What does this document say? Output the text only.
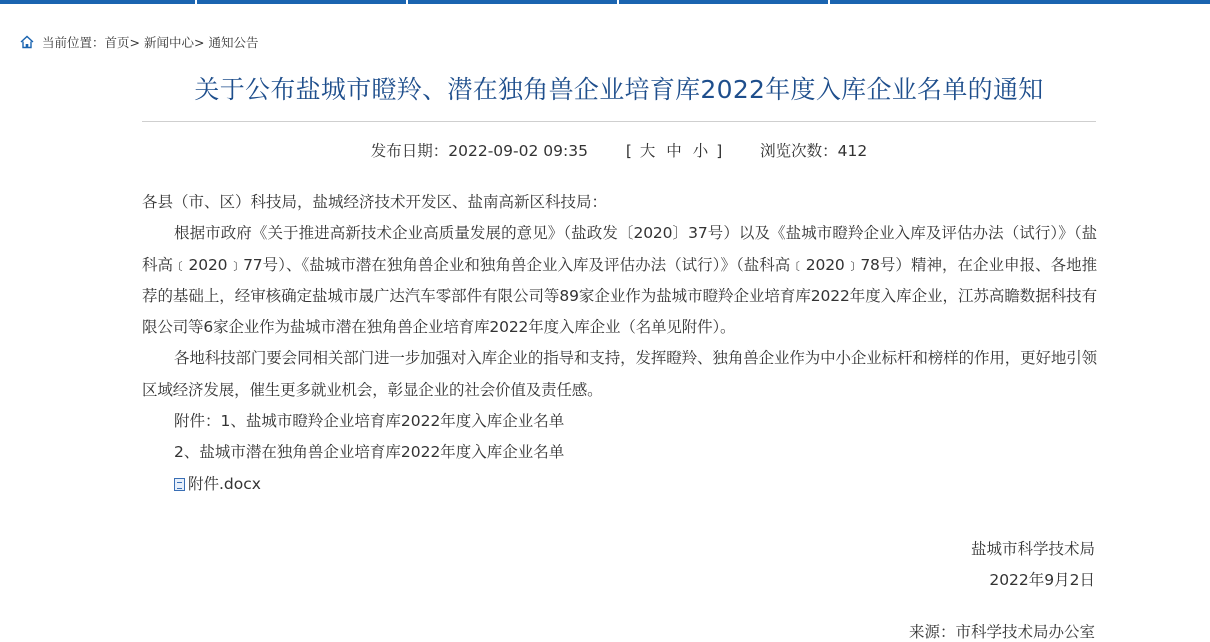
当前位置： 首页 > 新闻中心 > 通知公告
关于公布盐城市瞪羚、潜在独角兽企业培育库2022年度入库企业名单的通知
发布日期：2022-09-02 09:35 [ 大 中 小 ] 浏览次数：412

各县（市、区）科技局，盐城经济技术开发区、盐南高新区科技局：

根据市政府《关于推进高新技术企业高质量发展的意见》（盐政发〔2020〕37号）以及《盐城市瞪羚企业入库及评估办法（试行）》（盐科高﹝2020﹞77号）、《盐城市潜在独角兽企业和独角兽企业入库及评估办法（试行）》（盐科高﹝2020﹞78号）精神，在企业申报、各地推荐的基础上，经审核确定盐城市晟广达汽车零部件有限公司等89家企业作为盐城市瞪羚企业培育库2022年度入库企业，江苏高瞻数据科技有限公司等6家企业作为盐城市潜在独角兽企业培育库2022年度入库企业（名单见附件）。

各地科技部门要会同相关部门进一步加强对入库企业的指导和支持，发挥瞪羚、独角兽企业作为中小企业标杆和榜样的作用，更好地引领区域经济发展，催生更多就业机会，彰显企业的社会价值及责任感。

附件：1、盐城市瞪羚企业培育库2022年度入库企业名单

2、盐城市潜在独角兽企业培育库2022年度入库企业名单

附件.docx
盐城市科学技术局
2022年9月2日
来源：市科学技术局办公室
